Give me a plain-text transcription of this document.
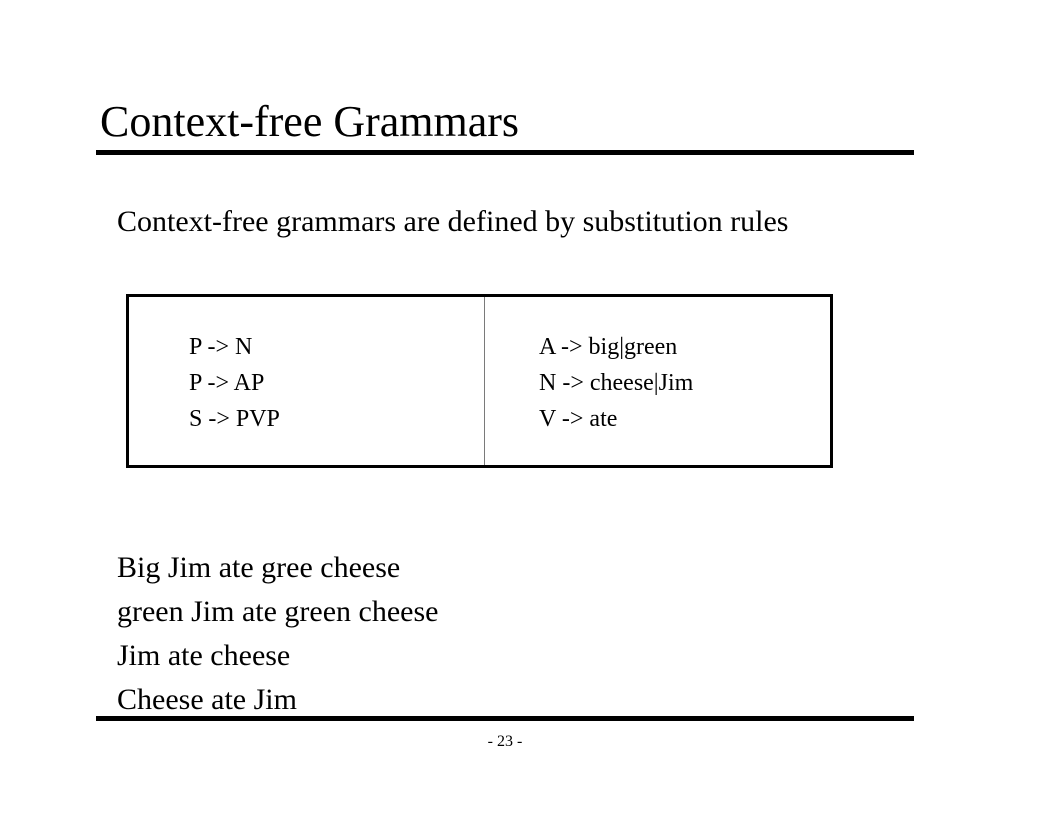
Context-free Grammars
Context-free grammars are defined by substitution rules
P -> N
P -> AP
S -> PVP
A -> big|green
N -> cheese|Jim
V -> ate
Big Jim ate gree cheese
green Jim ate green cheese
Jim ate cheese
Cheese ate Jim
- 23 -
